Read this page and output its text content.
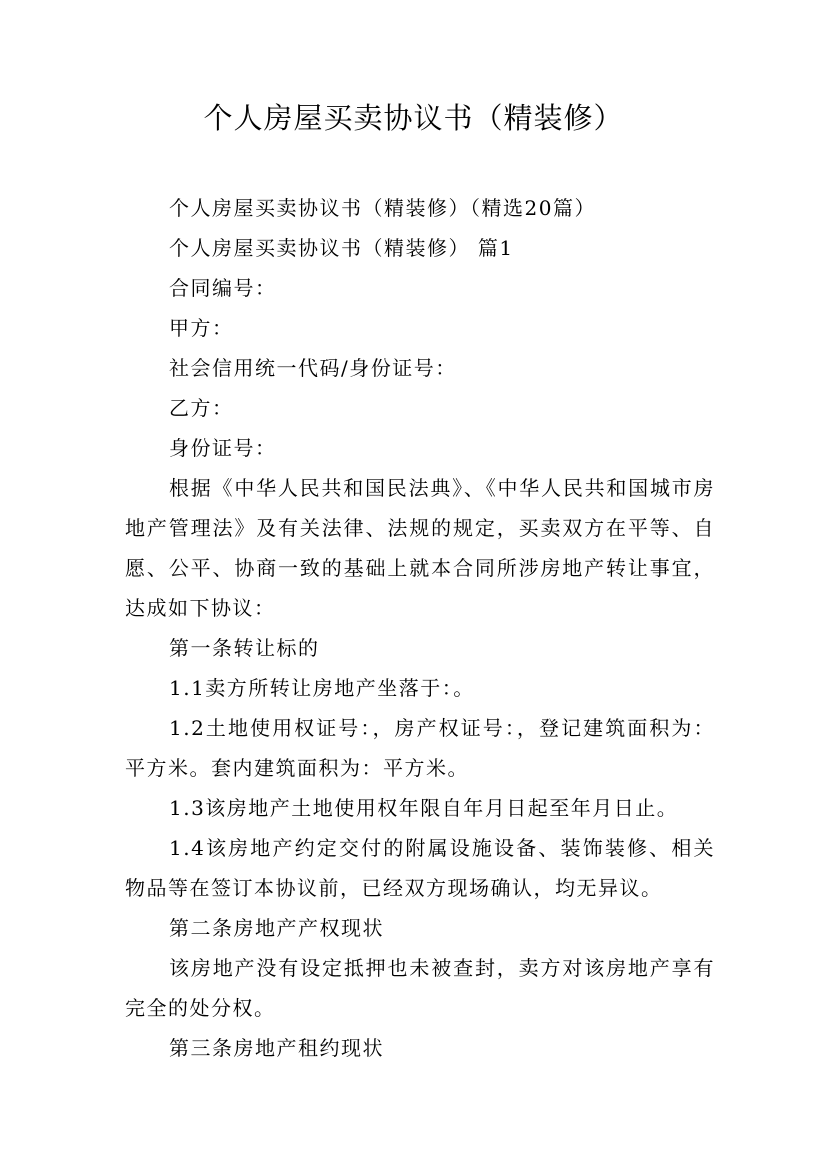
个人房屋买卖协议书（精装修）

个人房屋买卖协议书（精装修）（精选20篇）

个人房屋买卖协议书（精装修） 篇1

合同编号：

甲方：

社会信用统一代码/身份证号：

乙方：

身份证号：

根据《中华人民共和国民法典》、《中华人民共和国城市房地产管理法》及有关法律、法规的规定，买卖双方在平等、自愿、公平、协商一致的基础上就本合同所涉房地产转让事宜，达成如下协议：

第一条转让标的

1.1卖方所转让房地产坐落于：。

1.2土地使用权证号：，房产权证号：，登记建筑面积为：平方米。套内建筑面积为：平方米。

1.3该房地产土地使用权年限自年月日起至年月日止。

1.4该房地产约定交付的附属设施设备、装饰装修、相关物品等在签订本协议前，已经双方现场确认，均无异议。

第二条房地产产权现状

该房地产没有设定抵押也未被查封，卖方对该房地产享有完全的处分权。

第三条房地产租约现状
